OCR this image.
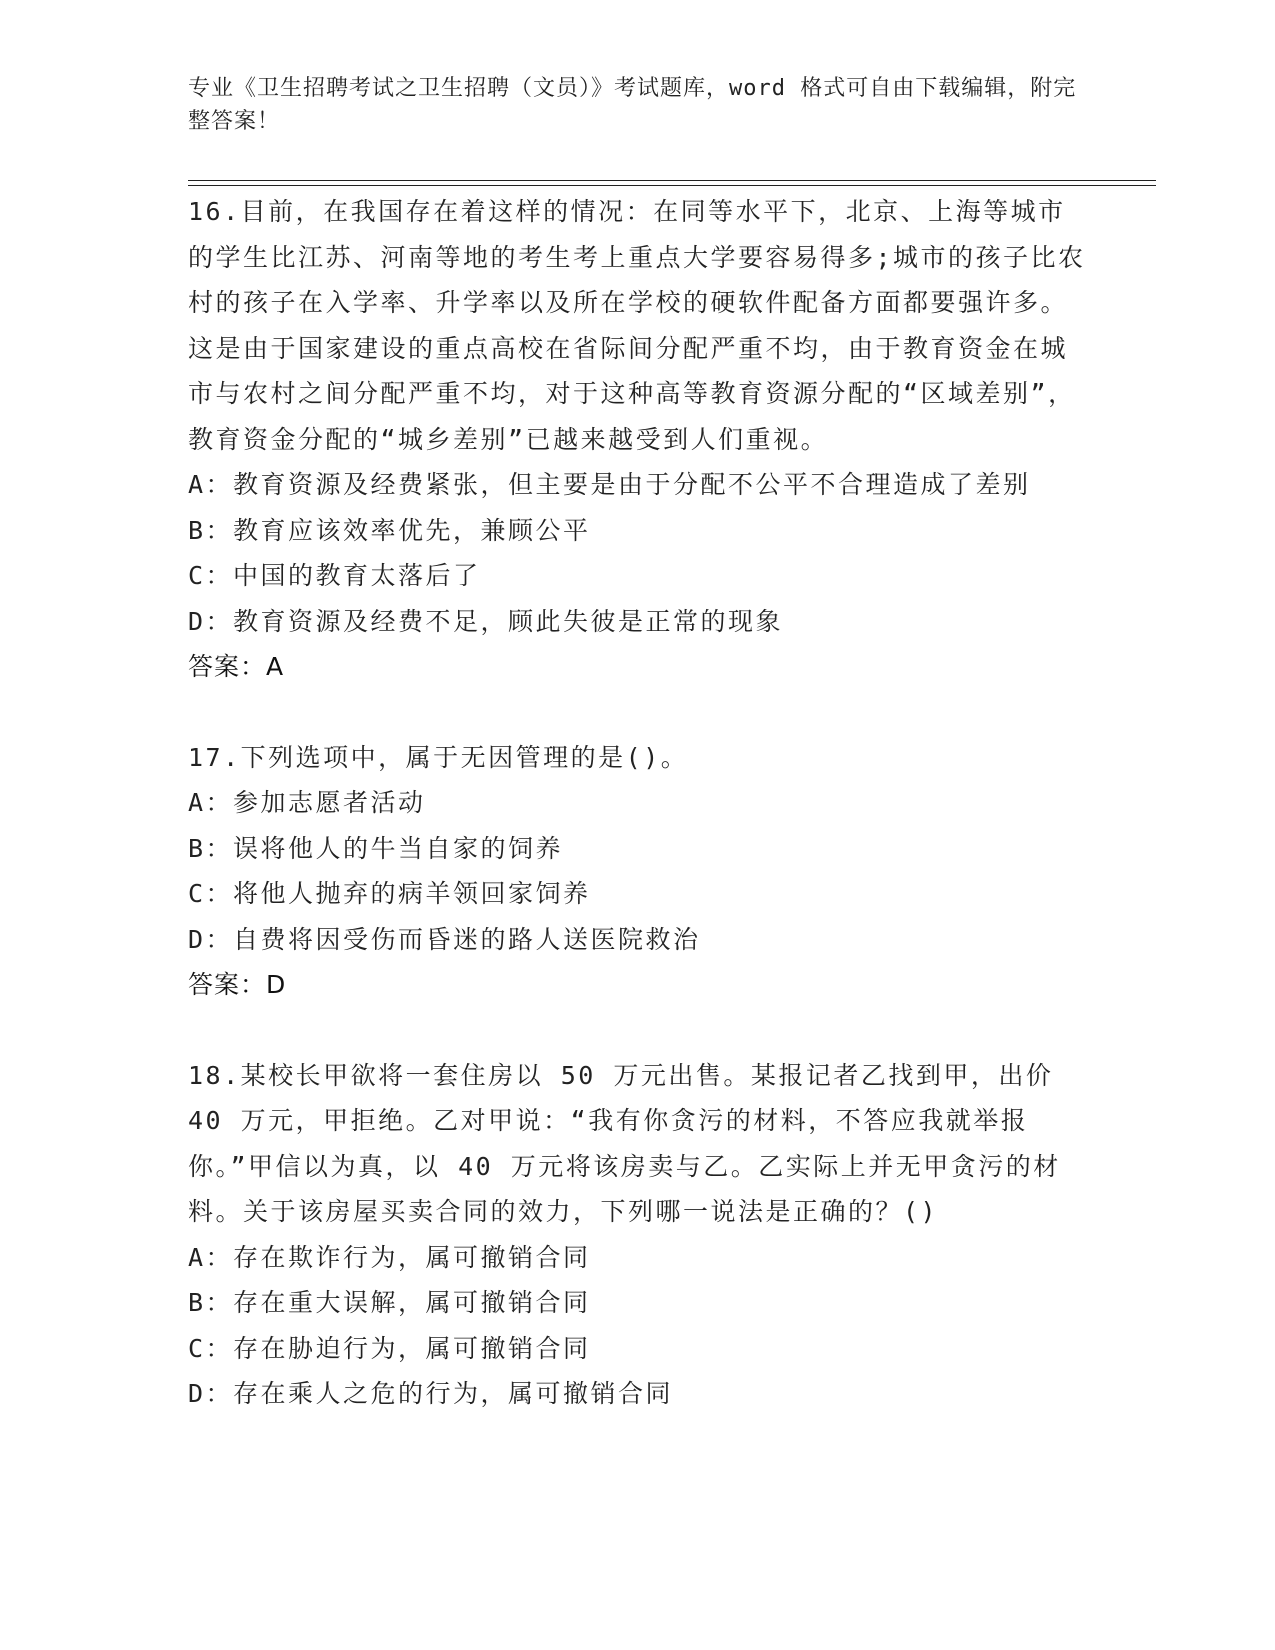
专业《卫生招聘考试之卫生招聘（文员）》考试题库，word 格式可自由下载编辑，附完整答案！

16.目前，在我国存在着这样的情况：在同等水平下，北京、上海等城市的学生比江苏、河南等地的考生考上重点大学要容易得多;城市的孩子比农村的孩子在入学率、升学率以及所在学校的硬软件配备方面都要强许多。这是由于国家建设的重点高校在省际间分配严重不均，由于教育资金在城市与农村之间分配严重不均，对于这种高等教育资源分配的“区域差别”，教育资金分配的“城乡差别”已越来越受到人们重视。

A：教育资源及经费紧张，但主要是由于分配不公平不合理造成了差别

B：教育应该效率优先，兼顾公平

C：中国的教育太落后了

D：教育资源及经费不足，顾此失彼是正常的现象

答案：A

17.下列选项中，属于无因管理的是()。

A：参加志愿者活动

B：误将他人的牛当自家的饲养

C：将他人抛弃的病羊领回家饲养

D：自费将因受伤而昏迷的路人送医院救治

答案：D

18.某校长甲欲将一套住房以 50 万元出售。某报记者乙找到甲，出价 40 万元，甲拒绝。乙对甲说：“我有你贪污的材料，不答应我就举报你。”甲信以为真，以 40 万元将该房卖与乙。乙实际上并无甲贪污的材料。关于该房屋买卖合同的效力，下列哪一说法是正确的？()

A：存在欺诈行为，属可撤销合同

B：存在重大误解，属可撤销合同

C：存在胁迫行为，属可撤销合同

D：存在乘人之危的行为，属可撤销合同
